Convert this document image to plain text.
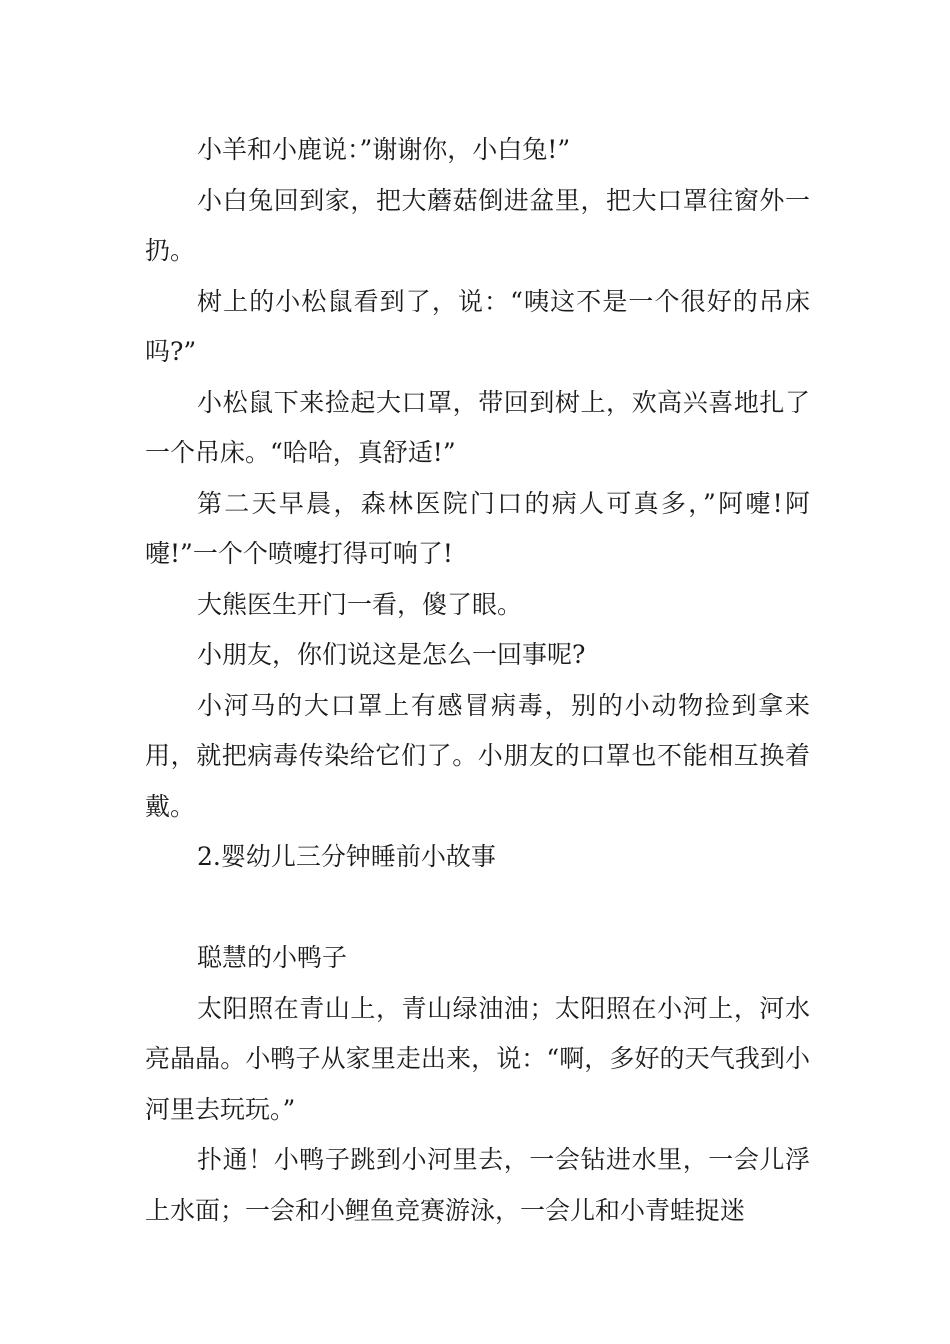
小羊和小鹿说：”谢谢你，小白兔!”

小白兔回到家，把大蘑菇倒进盆里，把大口罩往窗外一扔。

树上的小松鼠看到了，说：“咦这不是一个很好的吊床吗?”

小松鼠下来捡起大口罩，带回到树上，欢高兴喜地扎了一个吊床。“哈哈，真舒适!”

第二天早晨，森林医院门口的病人可真多，”阿嚏!阿嚏!”一个个喷嚏打得可响了!

大熊医生开门一看，傻了眼。

小朋友，你们说这是怎么一回事呢?

小河马的大口罩上有感冒病毒，别的小动物捡到拿来用，就把病毒传染给它们了。小朋友的口罩也不能相互换着戴。

2.婴幼儿三分钟睡前小故事

聪慧的小鸭子

太阳照在青山上，青山绿油油；太阳照在小河上，河水亮晶晶。小鸭子从家里走出来，说：“啊，多好的天气我到小河里去玩玩。”

扑通！小鸭子跳到小河里去，一会钻进水里，一会儿浮上水面；一会和小鲤鱼竞赛游泳，一会儿和小青蛙捉迷
